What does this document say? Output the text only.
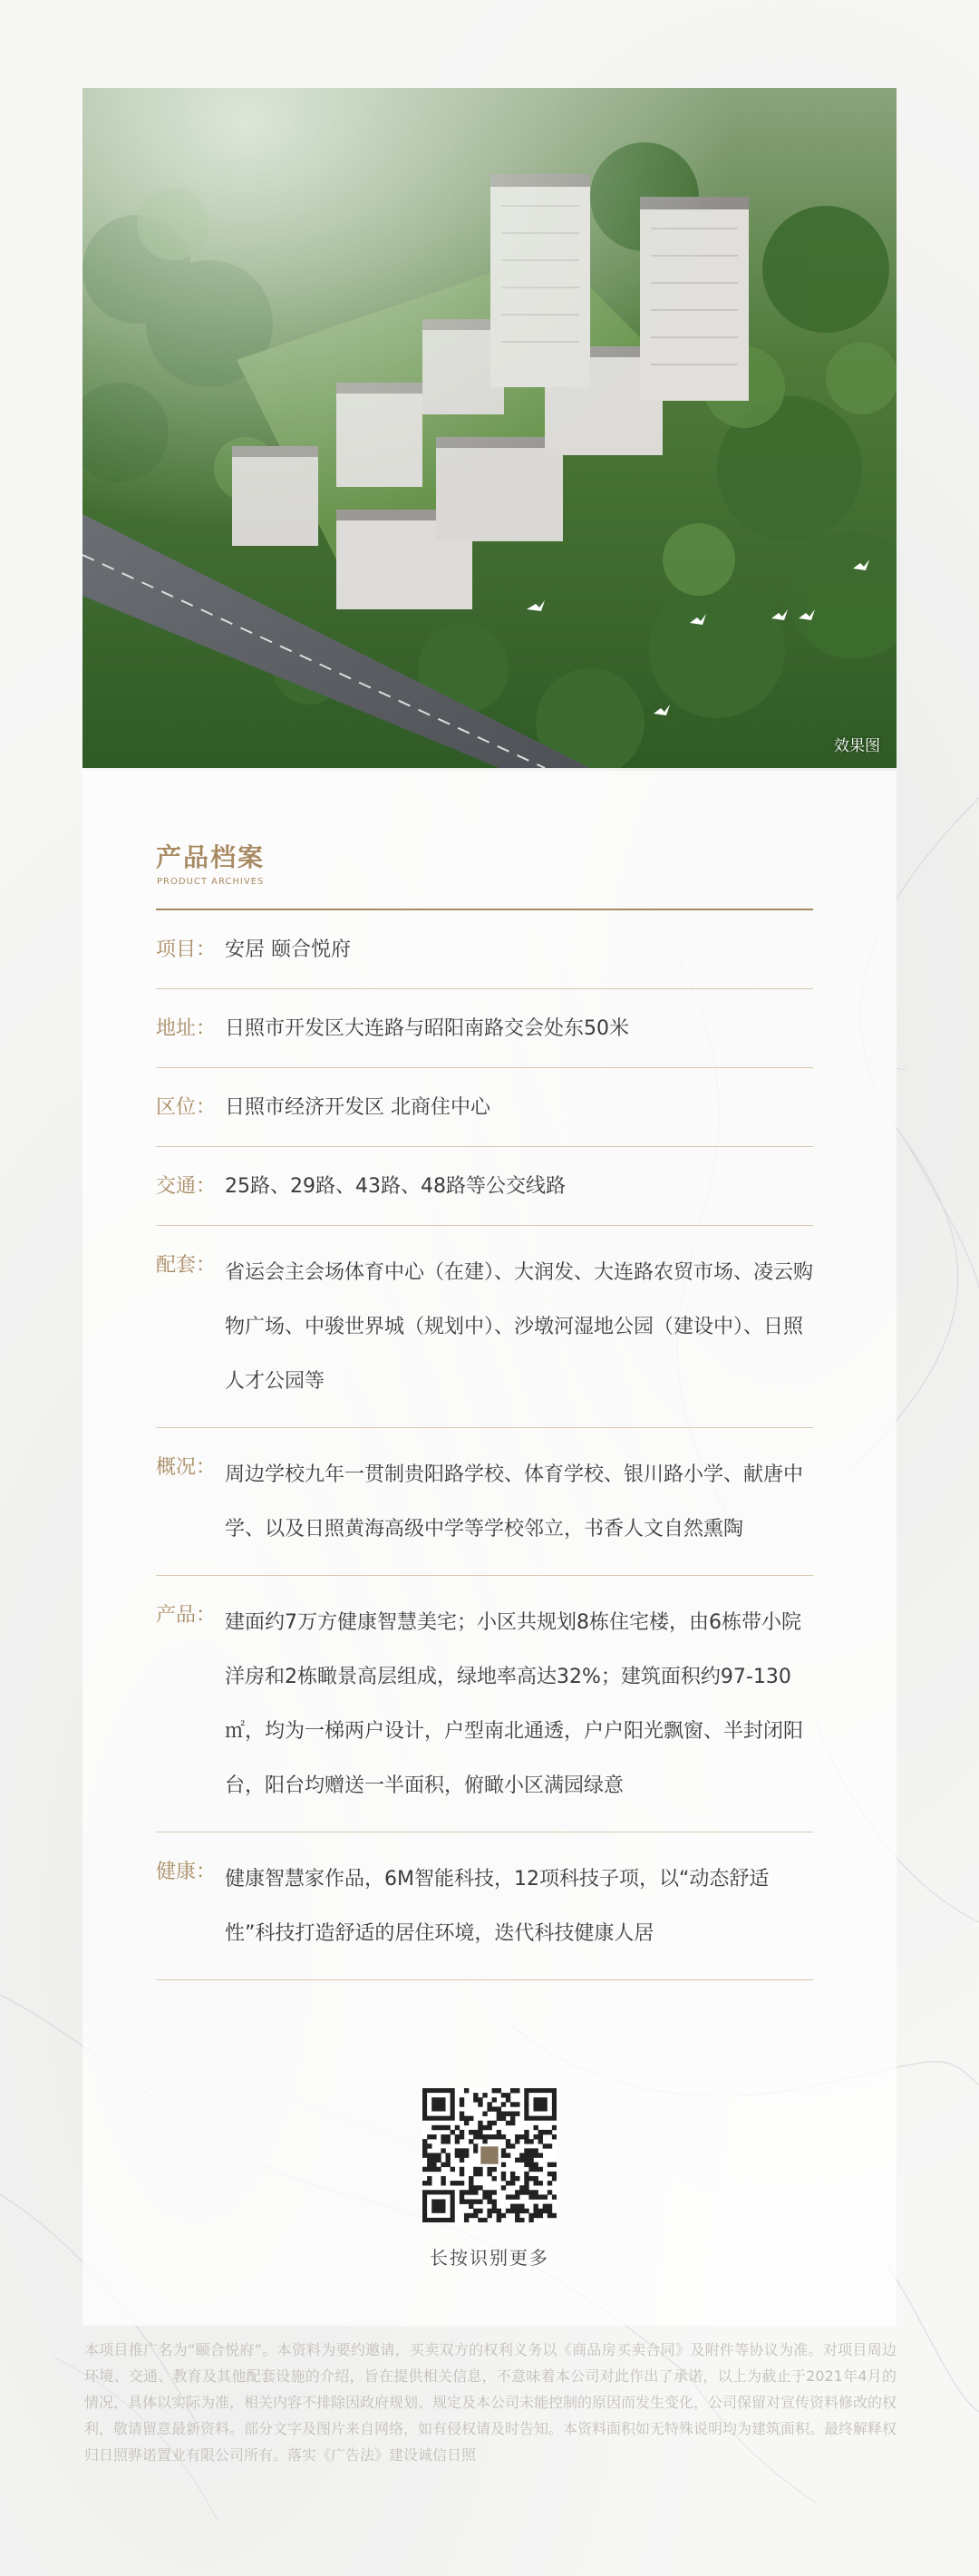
效果图
产品档案
PRODUCT ARCHIVES
项目： 安居 颐合悦府
地址： 日照市开发区大连路与昭阳南路交会处东50米
区位： 日照市经济开发区 北商住中心
交通： 25路、29路、43路、48路等公交线路
配套： 省运会主会场体育中心（在建）、大润发、大连路农贸市场、凌云购物广场、中骏世界城（规划中）、沙墩河湿地公园（建设中）、日照人才公园等
概况： 周边学校九年一贯制贵阳路学校、体育学校、银川路小学、献唐中学、以及日照黄海高级中学等学校邻立，书香人文自然熏陶
产品： 建面约7万方健康智慧美宅；小区共规划8栋住宅楼，由6栋带小院洋房和2栋瞰景高层组成，绿地率高达32%；建筑面积约97-130㎡，均为一梯两户设计，户型南北通透，户户阳光飘窗、半封闭阳台，阳台均赠送一半面积，俯瞰小区满园绿意
健康： 健康智慧家作品，6M智能科技，12项科技子项，以“动态舒适性”科技打造舒适的居住环境，迭代科技健康人居
长按识别更多
本项目推广名为“颐合悦府”。本资料为要约邀请，买卖双方的权利义务以《商品房买卖合同》及附件等协议为准。对项目周边环境、交通、教育及其他配套设施的介绍，旨在提供相关信息，不意味着本公司对此作出了承诺，以上为截止于2021年4月的情况，具体以实际为准，相关内容不排除因政府规划、规定及本公司未能控制的原因而发生变化，公司保留对宣传资料修改的权利，敬请留意最新资料。部分文字及图片来自网络，如有侵权请及时告知。本资料面积如无特殊说明均为建筑面积。最终解释权归日照骅诺置业有限公司所有。落实《广告法》建设诚信日照
